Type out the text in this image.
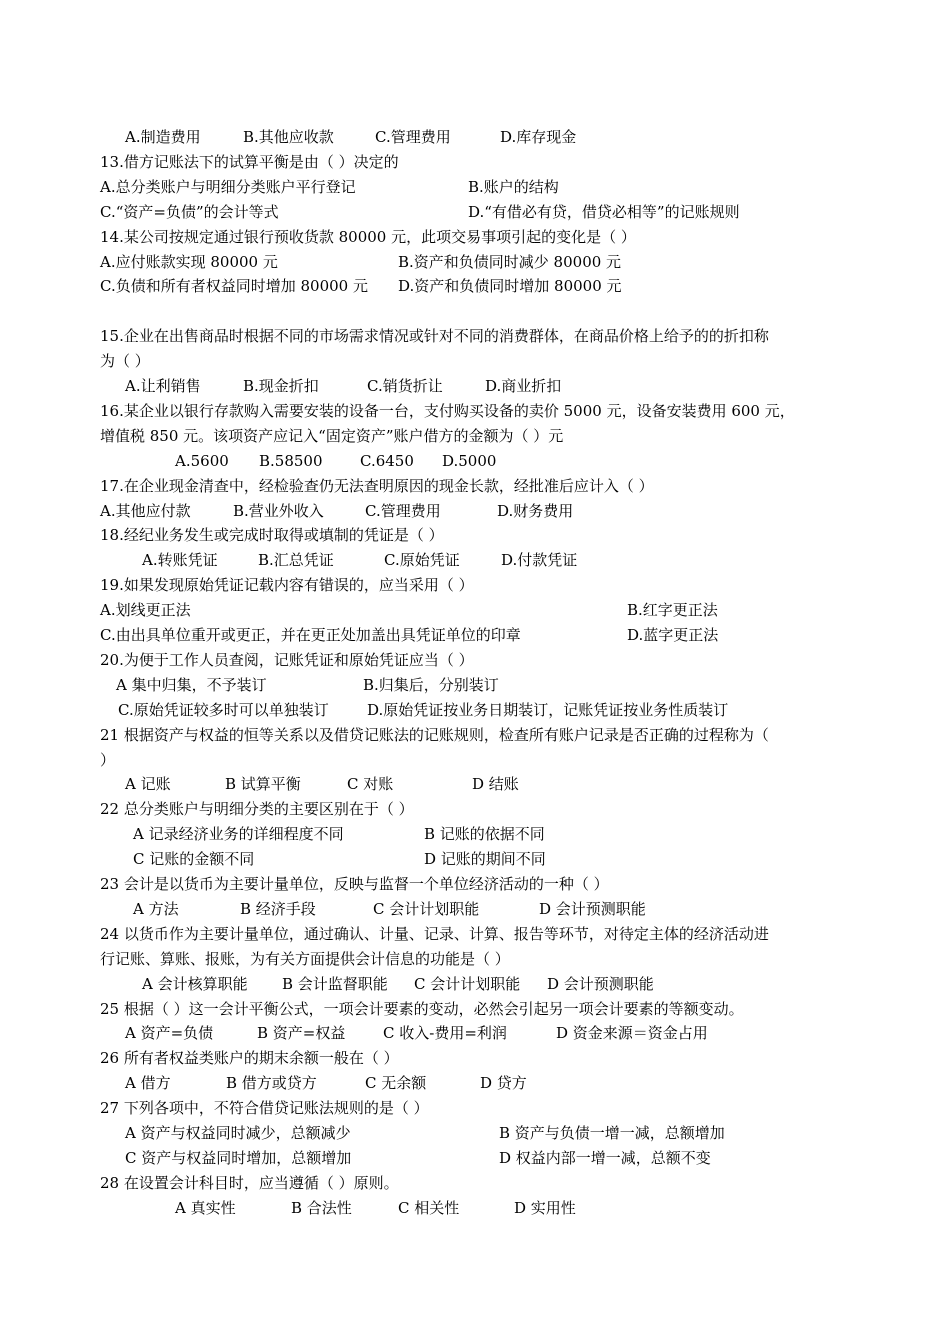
A.制造费用	B.其他应收款	C.管理费用	D.库存现金
13.借方记账法下的试算平衡是由（ ）决定的
A.总分类账户与明细分类账户平行登记	B.账户的结构
C.“资产=负债”的会计等式	D.“有借必有贷，借贷必相等”的记账规则
14.某公司按规定通过银行预收货款 80000 元，此项交易事项引起的变化是（ ）
A.应付账款实现 80000 元	B.资产和负债同时减少 80000 元
C.负债和所有者权益同时增加 80000 元 D.资产和负债同时增加 80000 元
15.企业在出售商品时根据不同的市场需求情况或针对不同的消费群体，在商品价格上给予的的折扣称
为（ ）
A.让利销售	B.现金折扣	C.销货折让	D.商业折扣
16.某企业以银行存款购入需要安装的设备一台，支付购买设备的卖价 5000 元，设备安装费用 600 元，
增值税 850 元。该项资产应记入“固定资产”账户借方的金额为（ ）元
A.5600 B.58500 C.6450 D.5000
17.在企业现金清查中，经检验查仍无法查明原因的现金长款，经批准后应计入（ ）
A.其他应付款	B.营业外收入	C.管理费用	D.财务费用
18.经纪业务发生或完成时取得或填制的凭证是（ ）
A.转账凭证	B.汇总凭证	C.原始凭证	D.付款凭证
19.如果发现原始凭证记载内容有错误的，应当采用（ ）
A.划线更正法	B.红字更正法
C.由出具单位重开或更正，并在更正处加盖出具凭证单位的印章	D.蓝字更正法
20.为便于工作人员查阅，记账凭证和原始凭证应当（ ）
A 集中归集，不予装订	B.归集后，分别装订
C.原始凭证较多时可以单独装订	D.原始凭证按业务日期装订，记账凭证按业务性质装订
21 根据资产与权益的恒等关系以及借贷记账法的记账规则，检查所有账户记录是否正确的过程称为（
）
A 记账	B 试算平衡	C 对账	D 结账
22 总分类账户与明细分类的主要区别在于（ ）
A 记录经济业务的详细程度不同	B 记账的依据不同
C 记账的金额不同	D 记账的期间不同
23 会计是以货币为主要计量单位，反映与监督一个单位经济活动的一种（ ）
A 方法	B 经济手段	C 会计计划职能	D 会计预测职能
24 以货币作为主要计量单位，通过确认、计量、记录、计算、报告等环节，对待定主体的经济活动进
行记账、算账、报账，为有关方面提供会计信息的功能是（ ）
A 会计核算职能 B 会计监督职能 C 会计计划职能 D 会计预测职能
25 根据（ ）这一会计平衡公式，一项会计要素的变动，必然会引起另一项会计要素的等额变动。
A 资产=负债	B 资产=权益	C 收入-费用=利润	D 资金来源＝资金占用
26 所有者权益类账户的期末余额一般在（ ）
A 借方	B 借方或贷方	C 无余额	D 贷方
27 下列各项中，不符合借贷记账法规则的是（ ）
A 资产与权益同时减少，总额减少	B 资产与负债一增一减，总额增加
C 资产与权益同时增加，总额增加	D 权益内部一增一减，总额不变
28 在设置会计科目时，应当遵循（ ）原则。
A 真实性	B 合法性	C 相关性	D 实用性
